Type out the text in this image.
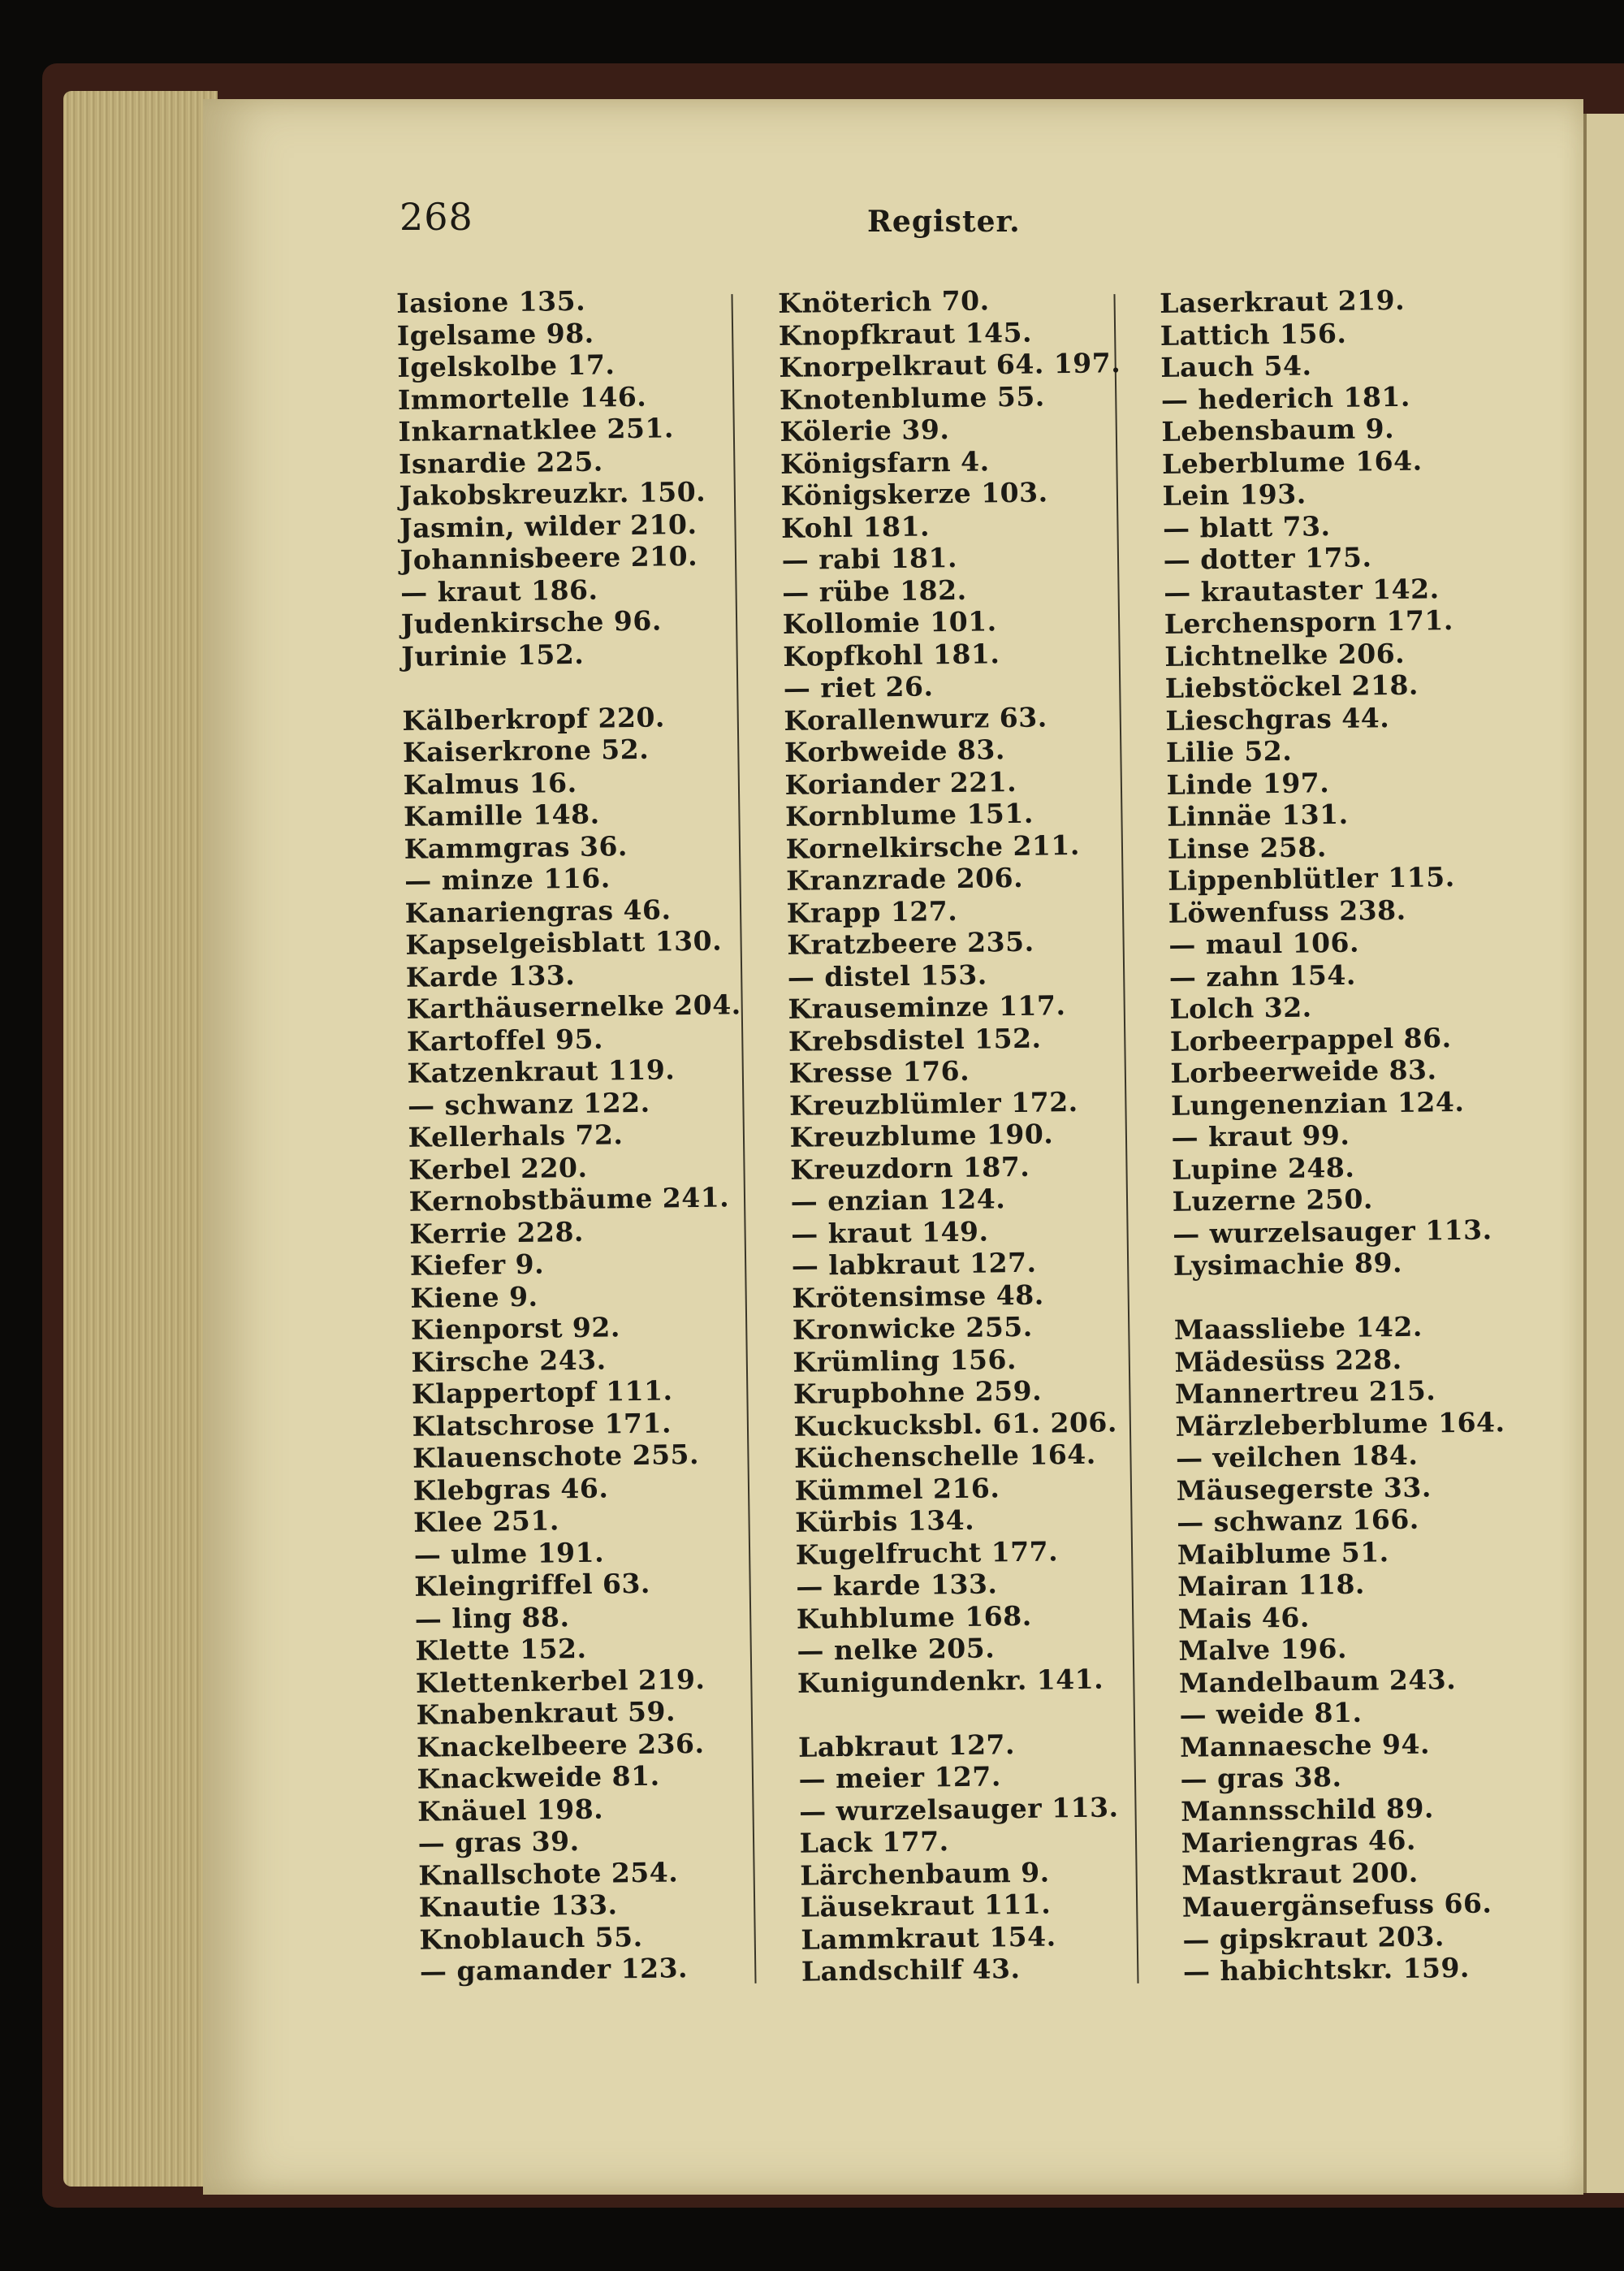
268	Register.
Iasione 135.
Igelsame 98.
Igelskolbe 17.
Immortelle 146.
Inkarnatklee 251.
Isnardie 225.
Jakobskreuzkr. 150.
Jasmin, wilder 210.
Johannisbeere 210.
— kraut 186.
Judenkirsche 96.
Jurinie 152.
Kälberkropf 220.
Kaiserkrone 52.
Kalmus 16.
Kamille 148.
Kammgras 36.
— minze 116.
Kanariengras 46.
Kapselgeisblatt 130.
Karde 133.
Karthäusernelke 204.
Kartoffel 95.
Katzenkraut 119.
— schwanz 122.
Kellerhals 72.
Kerbel 220.
Kernobstbäume 241.
Kerrie 228.
Kiefer 9.
Kiene 9.
Kienporst 92.
Kirsche 243.
Klappertopf 111.
Klatschrose 171.
Klauenschote 255.
Klebgras 46.
Klee 251.
— ulme 191.
Kleingriffel 63.
— ling 88.
Klette 152.
Klettenkerbel 219.
Knabenkraut 59.
Knackelbeere 236.
Knackweide 81.
Knäuel 198.
— gras 39.
Knallschote 254.
Knautie 133.
Knoblauch 55.
— gamander 123.
Knöterich 70.
Knopfkraut 145.
Knorpelkraut 64. 197.
Knotenblume 55.
Kölerie 39.
Königsfarn 4.
Königskerze 103.
Kohl 181.
— rabi 181.
— rübe 182.
Kollomie 101.
Kopfkohl 181.
— riet 26.
Korallenwurz 63.
Korbweide 83.
Koriander 221.
Kornblume 151.
Kornelkirsche 211.
Kranzrade 206.
Krapp 127.
Kratzbeere 235.
— distel 153.
Krauseminze 117.
Krebsdistel 152.
Kresse 176.
Kreuzblümler 172.
Kreuzblume 190.
Kreuzdorn 187.
— enzian 124.
— kraut 149.
— labkraut 127.
Krötensimse 48.
Kronwicke 255.
Krümling 156.
Krupbohne 259.
Kuckucksbl. 61. 206.
Küchenschelle 164.
Kümmel 216.
Kürbis 134.
Kugelfrucht 177.
— karde 133.
Kuhblume 168.
— nelke 205.
Kunigundenkr. 141.
Labkraut 127.
— meier 127.
— wurzelsauger 113.
Lack 177.
Lärchenbaum 9.
Läusekraut 111.
Lammkraut 154.
Landschilf 43.
Laserkraut 219.
Lattich 156.
Lauch 54.
— hederich 181.
Lebensbaum 9.
Leberblume 164.
Lein 193.
— blatt 73.
— dotter 175.
— krautaster 142.
Lerchensporn 171.
Lichtnelke 206.
Liebstöckel 218.
Lieschgras 44.
Lilie 52.
Linde 197.
Linnäe 131.
Linse 258.
Lippenblütler 115.
Löwenfuss 238.
— maul 106.
— zahn 154.
Lolch 32.
Lorbeerpappel 86.
Lorbeerweide 83.
Lungenenzian 124.
— kraut 99.
Lupine 248.
Luzerne 250.
— wurzelsauger 113.
Lysimachie 89.
Maassliebe 142.
Mädesüss 228.
Mannertreu 215.
Märzleberblume 164.
— veilchen 184.
Mäusegerste 33.
— schwanz 166.
Maiblume 51.
Mairan 118.
Mais 46.
Malve 196.
Mandelbaum 243.
— weide 81.
Mannaesche 94.
— gras 38.
Mannsschild 89.
Mariengras 46.
Mastkraut 200.
Mauergänsefuss 66.
— gipskraut 203.
— habichtskr. 159.
